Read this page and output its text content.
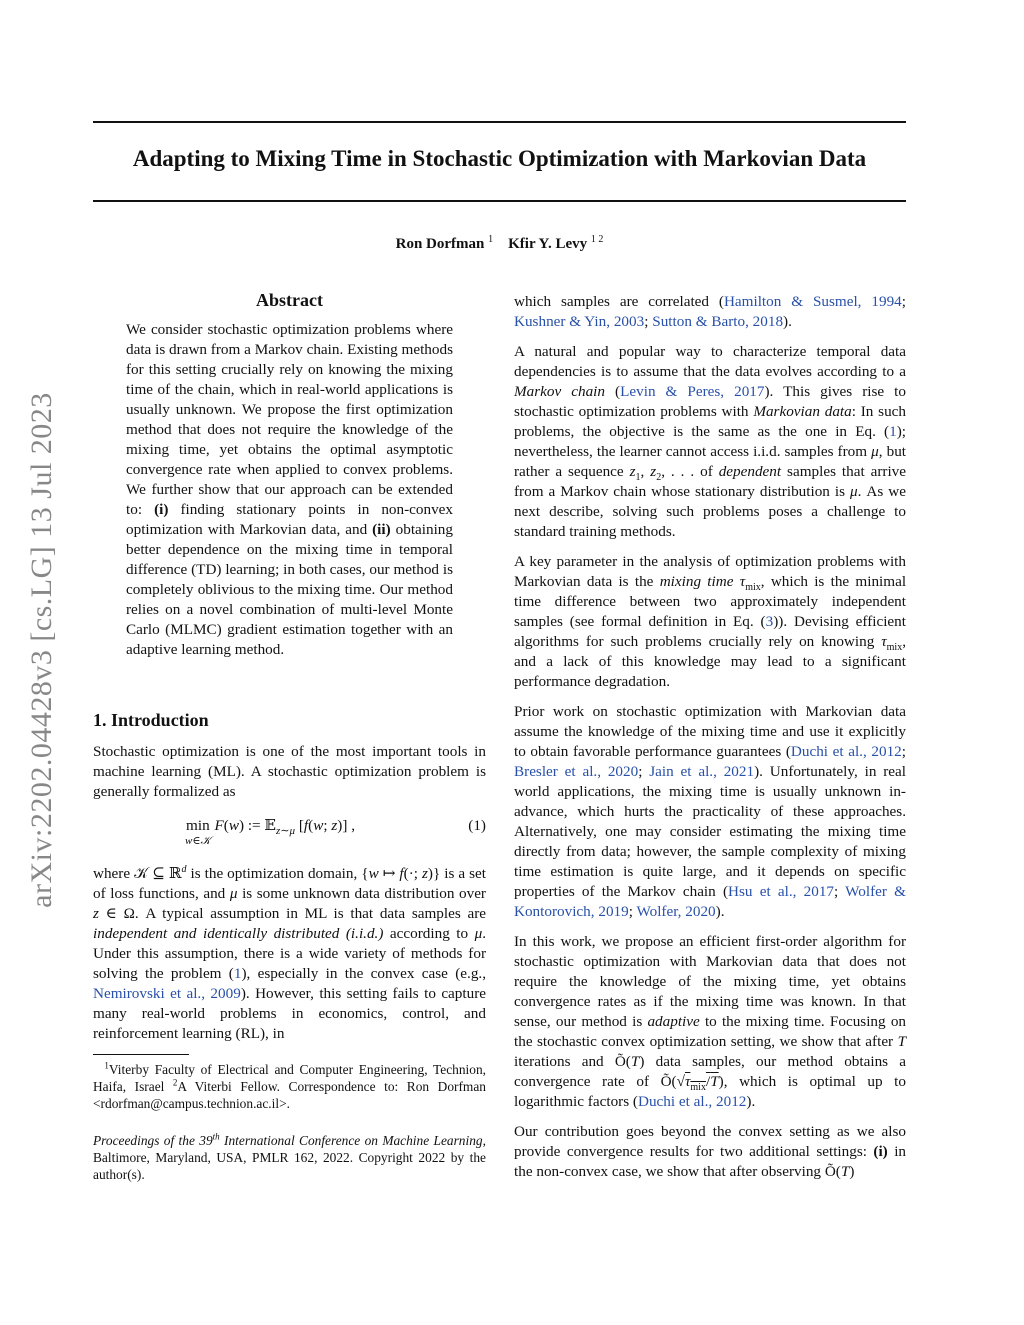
Adapting to Mixing Time in Stochastic Optimization with Markovian Data
Ron Dorfman $^1$ Kfir Y. Levy $^{1 2}$
arXiv:2202.04428v3 [cs.LG] 13 Jul 2023
Abstract
We consider stochastic optimization problems where data is drawn from a Markov chain. Existing methods for this setting crucially rely on knowing the mixing time of the chain, which in real-world applications is usually unknown. We propose the first optimization method that does not require the knowledge of the mixing time, yet obtains the optimal asymptotic convergence rate when applied to convex problems. We further show that our approach can be extended to: (i) finding stationary points in non-convex optimization with Markovian data, and (ii) obtaining better dependence on the mixing time in temporal difference (TD) learning; in both cases, our method is completely oblivious to the mixing time. Our method relies on a novel combination of multi-level Monte Carlo (MLMC) gradient estimation together with an adaptive learning method.
1. Introduction

Stochastic optimization is one of the most important tools in machine learning (ML). A stochastic optimization problem is generally formalized as

min

w∈𝒦
F(w) := 𝔼$_{z\sim\mu}$ [f(w; z)] ,	(1)

where 𝒦 ⊆ ℝ$^d$ is the optimization domain, {w ↦ f(·; z)} is a set of loss functions, and μ is some unknown data distribution over z ∈ Ω. A typical assumption in ML is that data samples are independent and identically distributed (i.i.d.) according to μ. Under this assumption, there is a wide variety of methods for solving the problem (1), especially in the convex case (e.g., Nemirovski et al., 2009). However, this setting fails to capture many real-world problems in economics, control, and reinforcement learning (RL), in

$^1$Viterby Faculty of Electrical and Computer Engineering, Technion, Haifa, Israel $^2$A Viterbi Fellow. Correspondence to: Ron Dorfman <rdorfman@campus.technion.ac.il>.
Proceedings of the 39th International Conference on Machine Learning, Baltimore, Maryland, USA, PMLR 162, 2022. Copyright 2022 by the author(s).

which samples are correlated (Hamilton & Susmel, 1994; Kushner & Yin, 2003; Sutton & Barto, 2018).

A natural and popular way to characterize temporal data dependencies is to assume that the data evolves according to a Markov chain (Levin & Peres, 2017). This gives rise to stochastic optimization problems with Markovian data: In such problems, the objective is the same as the one in Eq. (1); nevertheless, the learner cannot access i.i.d. samples from μ, but rather a sequence $z_1$, $z_2$, . . . of dependent samples that arrive from a Markov chain whose stationary distribution is μ. As we next describe, solving such problems poses a challenge to standard training methods.

A key parameter in the analysis of optimization problems with Markovian data is the mixing time $\tau_{mix}$, which is the minimal time difference between two approximately independent samples (see formal definition in Eq. (3)). Devising efficient algorithms for such problems crucially rely on knowing $\tau_{mix}$, and a lack of this knowledge may lead to a significant performance degradation.

Prior work on stochastic optimization with Markovian data assume the knowledge of the mixing time and use it explicitly to obtain favorable performance guarantees (Duchi et al., 2012; Bresler et al., 2020; Jain et al., 2021). Unfortunately, in real world applications, the mixing time is usually unknown in-advance, which hurts the practicality of these approaches. Alternatively, one may consider estimating the mixing time directly from data; however, the sample complexity of mixing time estimation is quite large, and it depends on specific properties of the Markov chain (Hsu et al., 2017; Wolfer & Kontorovich, 2019; Wolfer, 2020).

In this work, we propose an efficient first-order algorithm for stochastic optimization with Markovian data that does not require the knowledge of the mixing time, yet obtains convergence rates as if the mixing time was known. In that sense, our method is adaptive to the mixing time. Focusing on the stochastic convex optimization setting, we show that after T iterations and Õ(T) data samples, our method obtains a convergence rate of $Õ(√\tau_{mix}/T)$, which is optimal up to logarithmic factors (Duchi et al., 2012).

Our contribution goes beyond the convex setting as we also provide convergence results for two additional settings: (i) in the non-convex case, we show that after observing Õ(T)
